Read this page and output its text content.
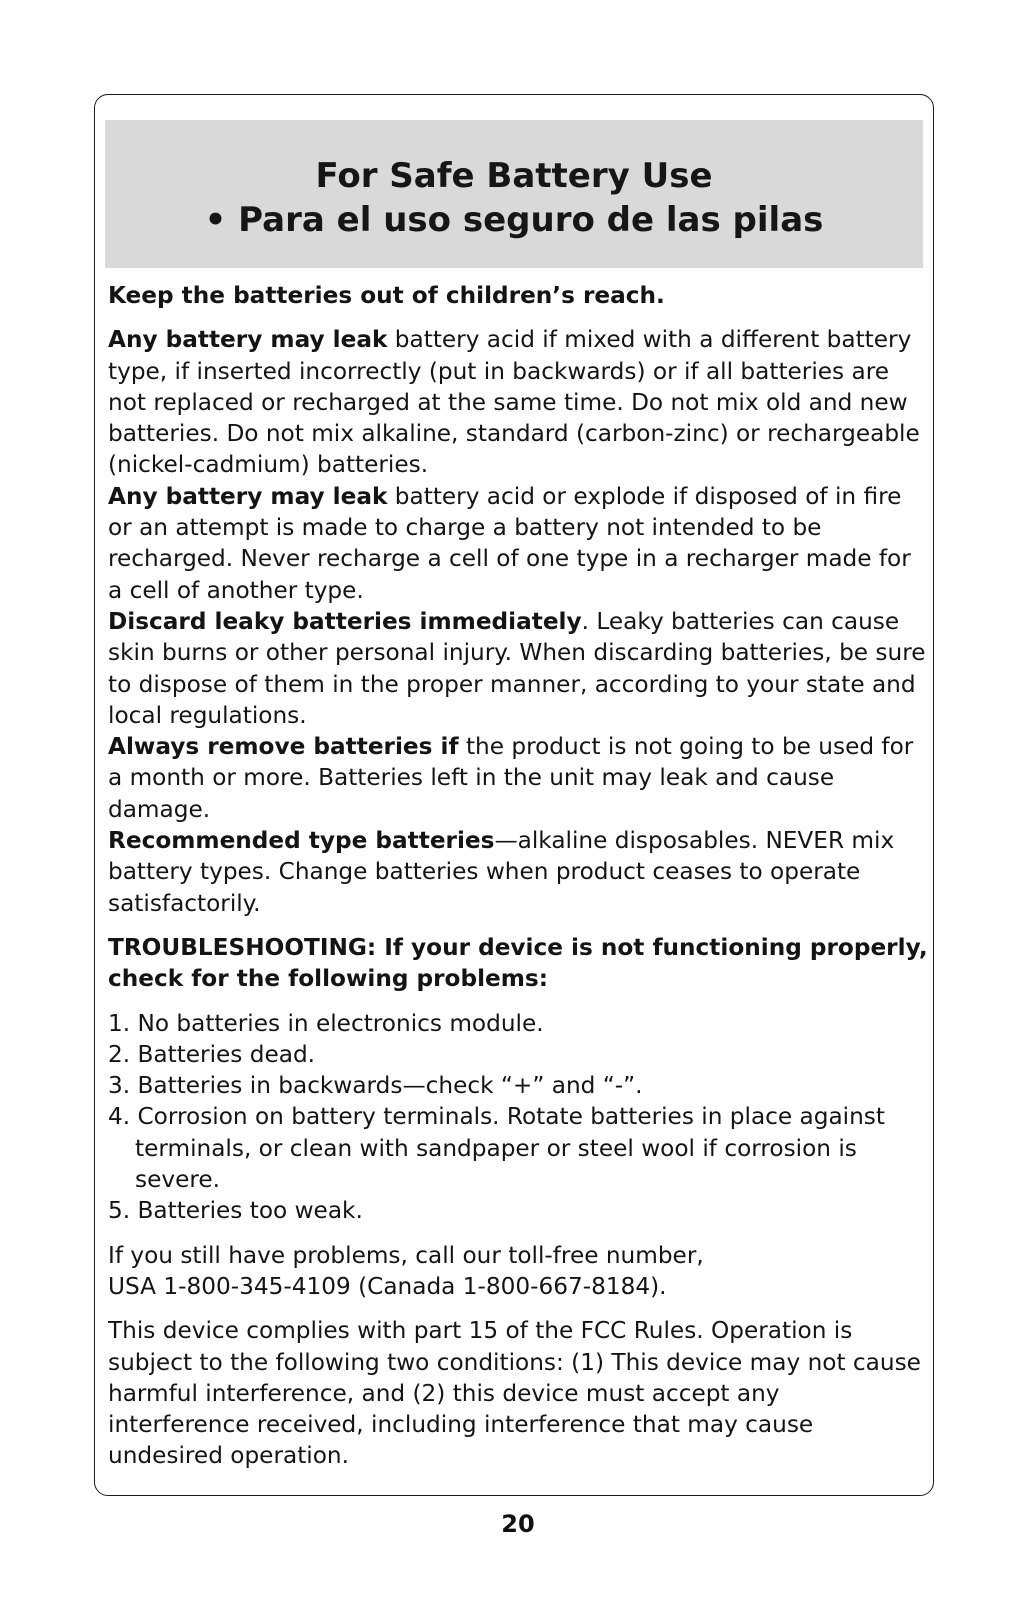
For Safe Battery Use
• Para el uso seguro de las pilas

Keep the batteries out of children’s reach.

Any battery may leak battery acid if mixed with a different battery type, if inserted incorrectly (put in backwards) or if all batteries are not replaced or recharged at the same time. Do not mix old and new batteries. Do not mix alkaline, standard (carbon-zinc) or rechargeable (nickel-cadmium) batteries.

Any battery may leak battery acid or explode if disposed of in fire or an attempt is made to charge a battery not intended to be recharged. Never recharge a cell of one type in a recharger made for a cell of another type.

Discard leaky batteries immediately. Leaky batteries can cause skin burns or other personal injury. When discarding batteries, be sure to dispose of them in the proper manner, according to your state and local regulations.

Always remove batteries if the product is not going to be used for a month or more. Batteries left in the unit may leak and cause damage.

Recommended type batteries—alkaline disposables. NEVER mix battery types. Change batteries when product ceases to operate satisfactorily.

TROUBLESHOOTING: If your device is not functioning properly, check for the following problems:

1. No batteries in electronics module.
2. Batteries dead.
3. Batteries in backwards—check “+” and “-”.
4. Corrosion on battery terminals. Rotate batteries in place against terminals, or clean with sandpaper or steel wool if corrosion is severe.
5. Batteries too weak.

If you still have problems, call our toll-free number,
USA 1-800-345-4109 (Canada 1-800-667-8184).

This device complies with part 15 of the FCC Rules. Operation is subject to the following two conditions: (1) This device may not cause harmful interference, and (2) this device must accept any interference received, including interference that may cause undesired operation.

20
